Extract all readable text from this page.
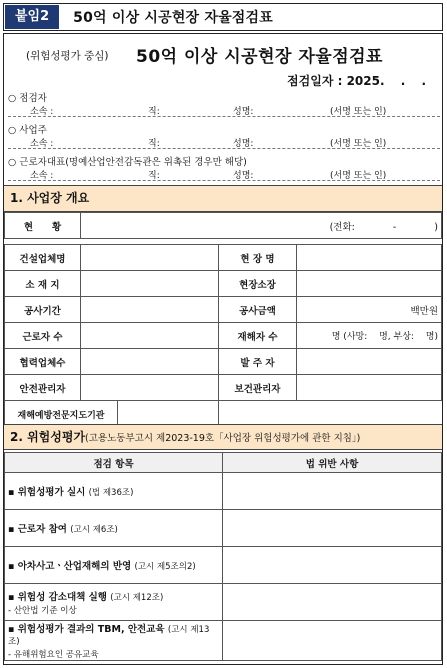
붙임2	50억 이상 시공현장 자율점검표
(위험성평가 중심) 50억 이상 시공현장 자율점검표
점검일자 : 2025.　 .　 .
○ 점검자
소속 :	직:	성명:	(서명 또는 인)
○ 사업주
소속 :	직:	성명:	(서명 또는 인)
○ 근로자대표(명예산업안전감독관은 위촉된 경우만 해당)
소속 :	직:	성명:	(서명 또는 인)
1. 사업장 개요
현　　황	(전화:　　　　-　　　　)		

건설업체명		현 장 명	
소 재 지		현장소장	
공사기간		공사금액	백만원
근로자 수		재해자 수	명 (사망:　 명, 부상:　 명)
협력업체수		발 주 자	
안전관리자		보건관리자	

재해예방전문지도기관			

2. 위험성평가(고용노동부고시 제2023-19호「사업장 위험성평가에 관한 지침」)
점검 항목	법 위반 사항
▪ 위험성평가 실시 (법 제36조)	
▪ 근로자 참여 (고시 제6조)	
▪ 아차사고ㆍ산업재해의 반영 (고시 제5조의2)	
▪ 위험성 감소대책 실행 (고시 제12조)
- 산안법 기준 이상	

▪ 위험성평가 결과의 TBM, 안전교육 (고시 제13조)
- 유해위험요인 공유교육	
